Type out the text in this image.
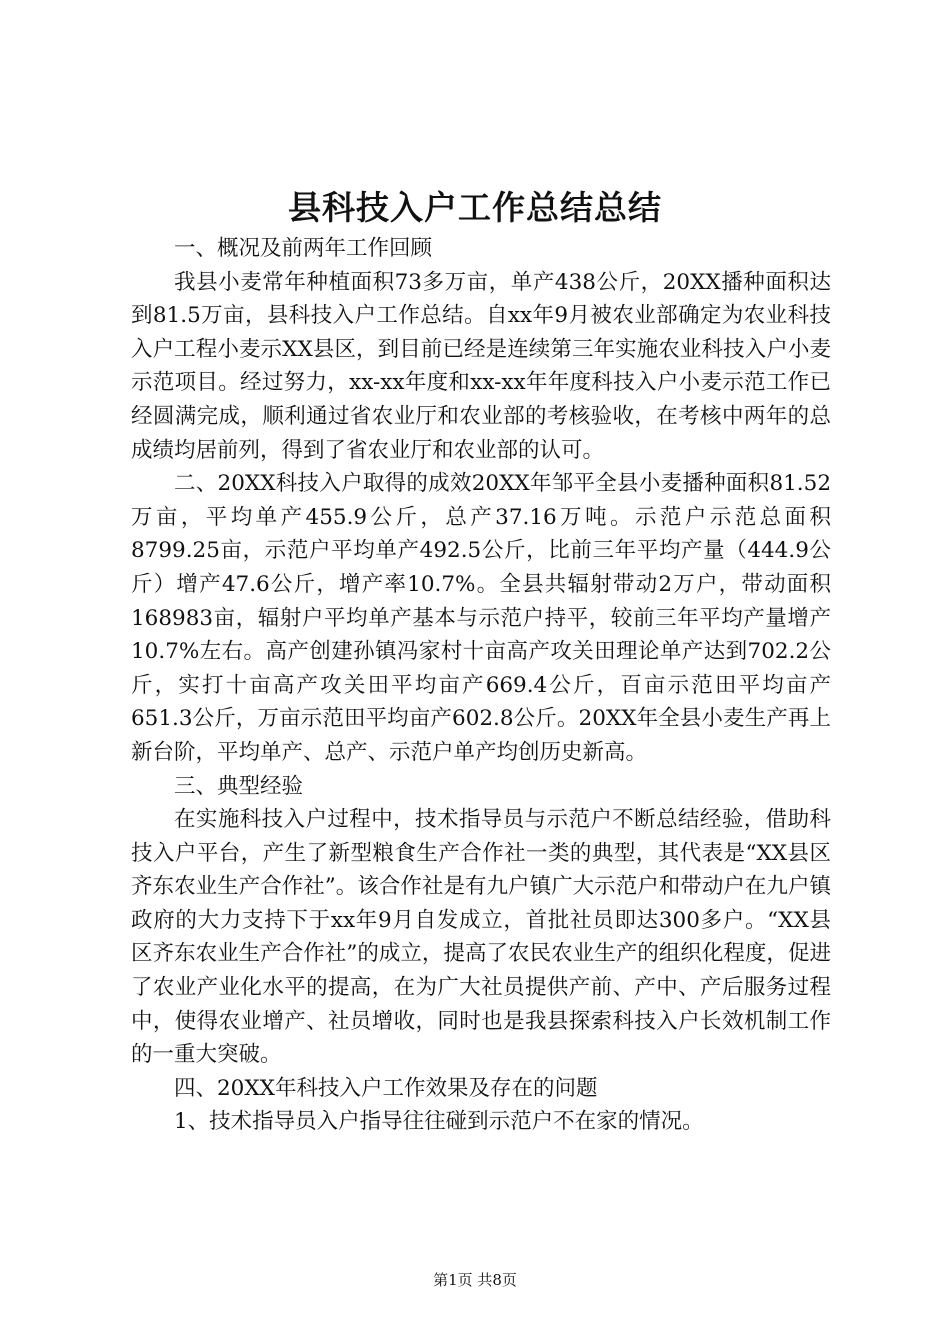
县科技入户工作总结总结

一、概况及前两年工作回顾

我县小麦常年种植面积73多万亩，单产438公斤，20XX播种面积达到81.5万亩，县科技入户工作总结。自xx年9月被农业部确定为农业科技入户工程小麦示XX县区，到目前已经是连续第三年实施农业科技入户小麦示范项目。经过努力，xx-xx年度和xx-xx年年度科技入户小麦示范工作已经圆满完成，顺利通过省农业厅和农业部的考核验收，在考核中两年的总成绩均居前列，得到了省农业厅和农业部的认可。

二、20XX科技入户取得的成效20XX年邹平全县小麦播种面积81.52万亩，平均单产455.9公斤，总产37.16万吨。示范户示范总面积8799.25亩，示范户平均单产492.5公斤，比前三年平均产量（444.9公斤）增产47.6公斤，增产率10.7%。全县共辐射带动2万户，带动面积168983亩，辐射户平均单产基本与示范户持平，较前三年平均产量增产10.7%左右。高产创建孙镇冯家村十亩高产攻关田理论单产达到702.2公斤，实打十亩高产攻关田平均亩产669.4公斤，百亩示范田平均亩产651.3公斤，万亩示范田平均亩产602.8公斤。20XX年全县小麦生产再上新台阶，平均单产、总产、示范户单产均创历史新高。

三、典型经验

在实施科技入户过程中，技术指导员与示范户不断总结经验，借助科技入户平台，产生了新型粮食生产合作社一类的典型，其代表是“XX县区齐东农业生产合作社”。该合作社是有九户镇广大示范户和带动户在九户镇政府的大力支持下于xx年9月自发成立，首批社员即达300多户。“XX县区齐东农业生产合作社”的成立，提高了农民农业生产的组织化程度，促进了农业产业化水平的提高，在为广大社员提供产前、产中、产后服务过程中，使得农业增产、社员增收，同时也是我县探索科技入户长效机制工作的一重大突破。

四、20XX年科技入户工作效果及存在的问题

1、技术指导员入户指导往往碰到示范户不在家的情况。

第1页 共8页
